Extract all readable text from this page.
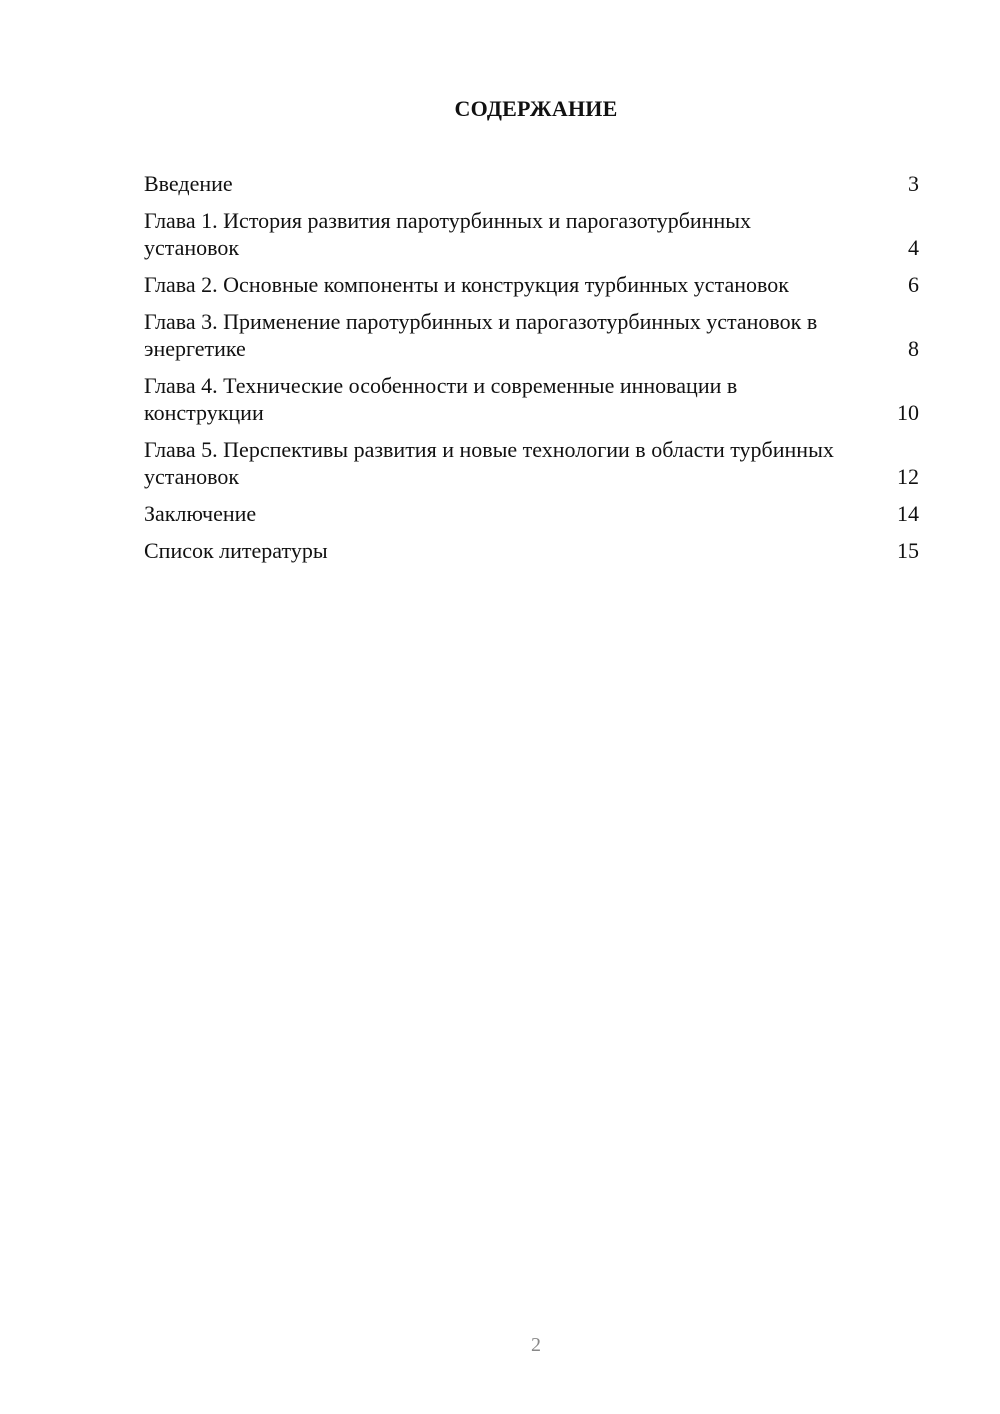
СОДЕРЖАНИЕ
Введение	3
Глава 1. История развития паротурбинных и парогазотурбинных установок	4
Глава 2. Основные компоненты и конструкция турбинных установок	6
Глава 3. Применение паротурбинных и парогазотурбинных установок в энергетике	8
Глава 4. Технические особенности и современные инновации в конструкции	10
Глава 5. Перспективы развития и новые технологии в области турбинных установок	12
Заключение	14
Список литературы	15
2
